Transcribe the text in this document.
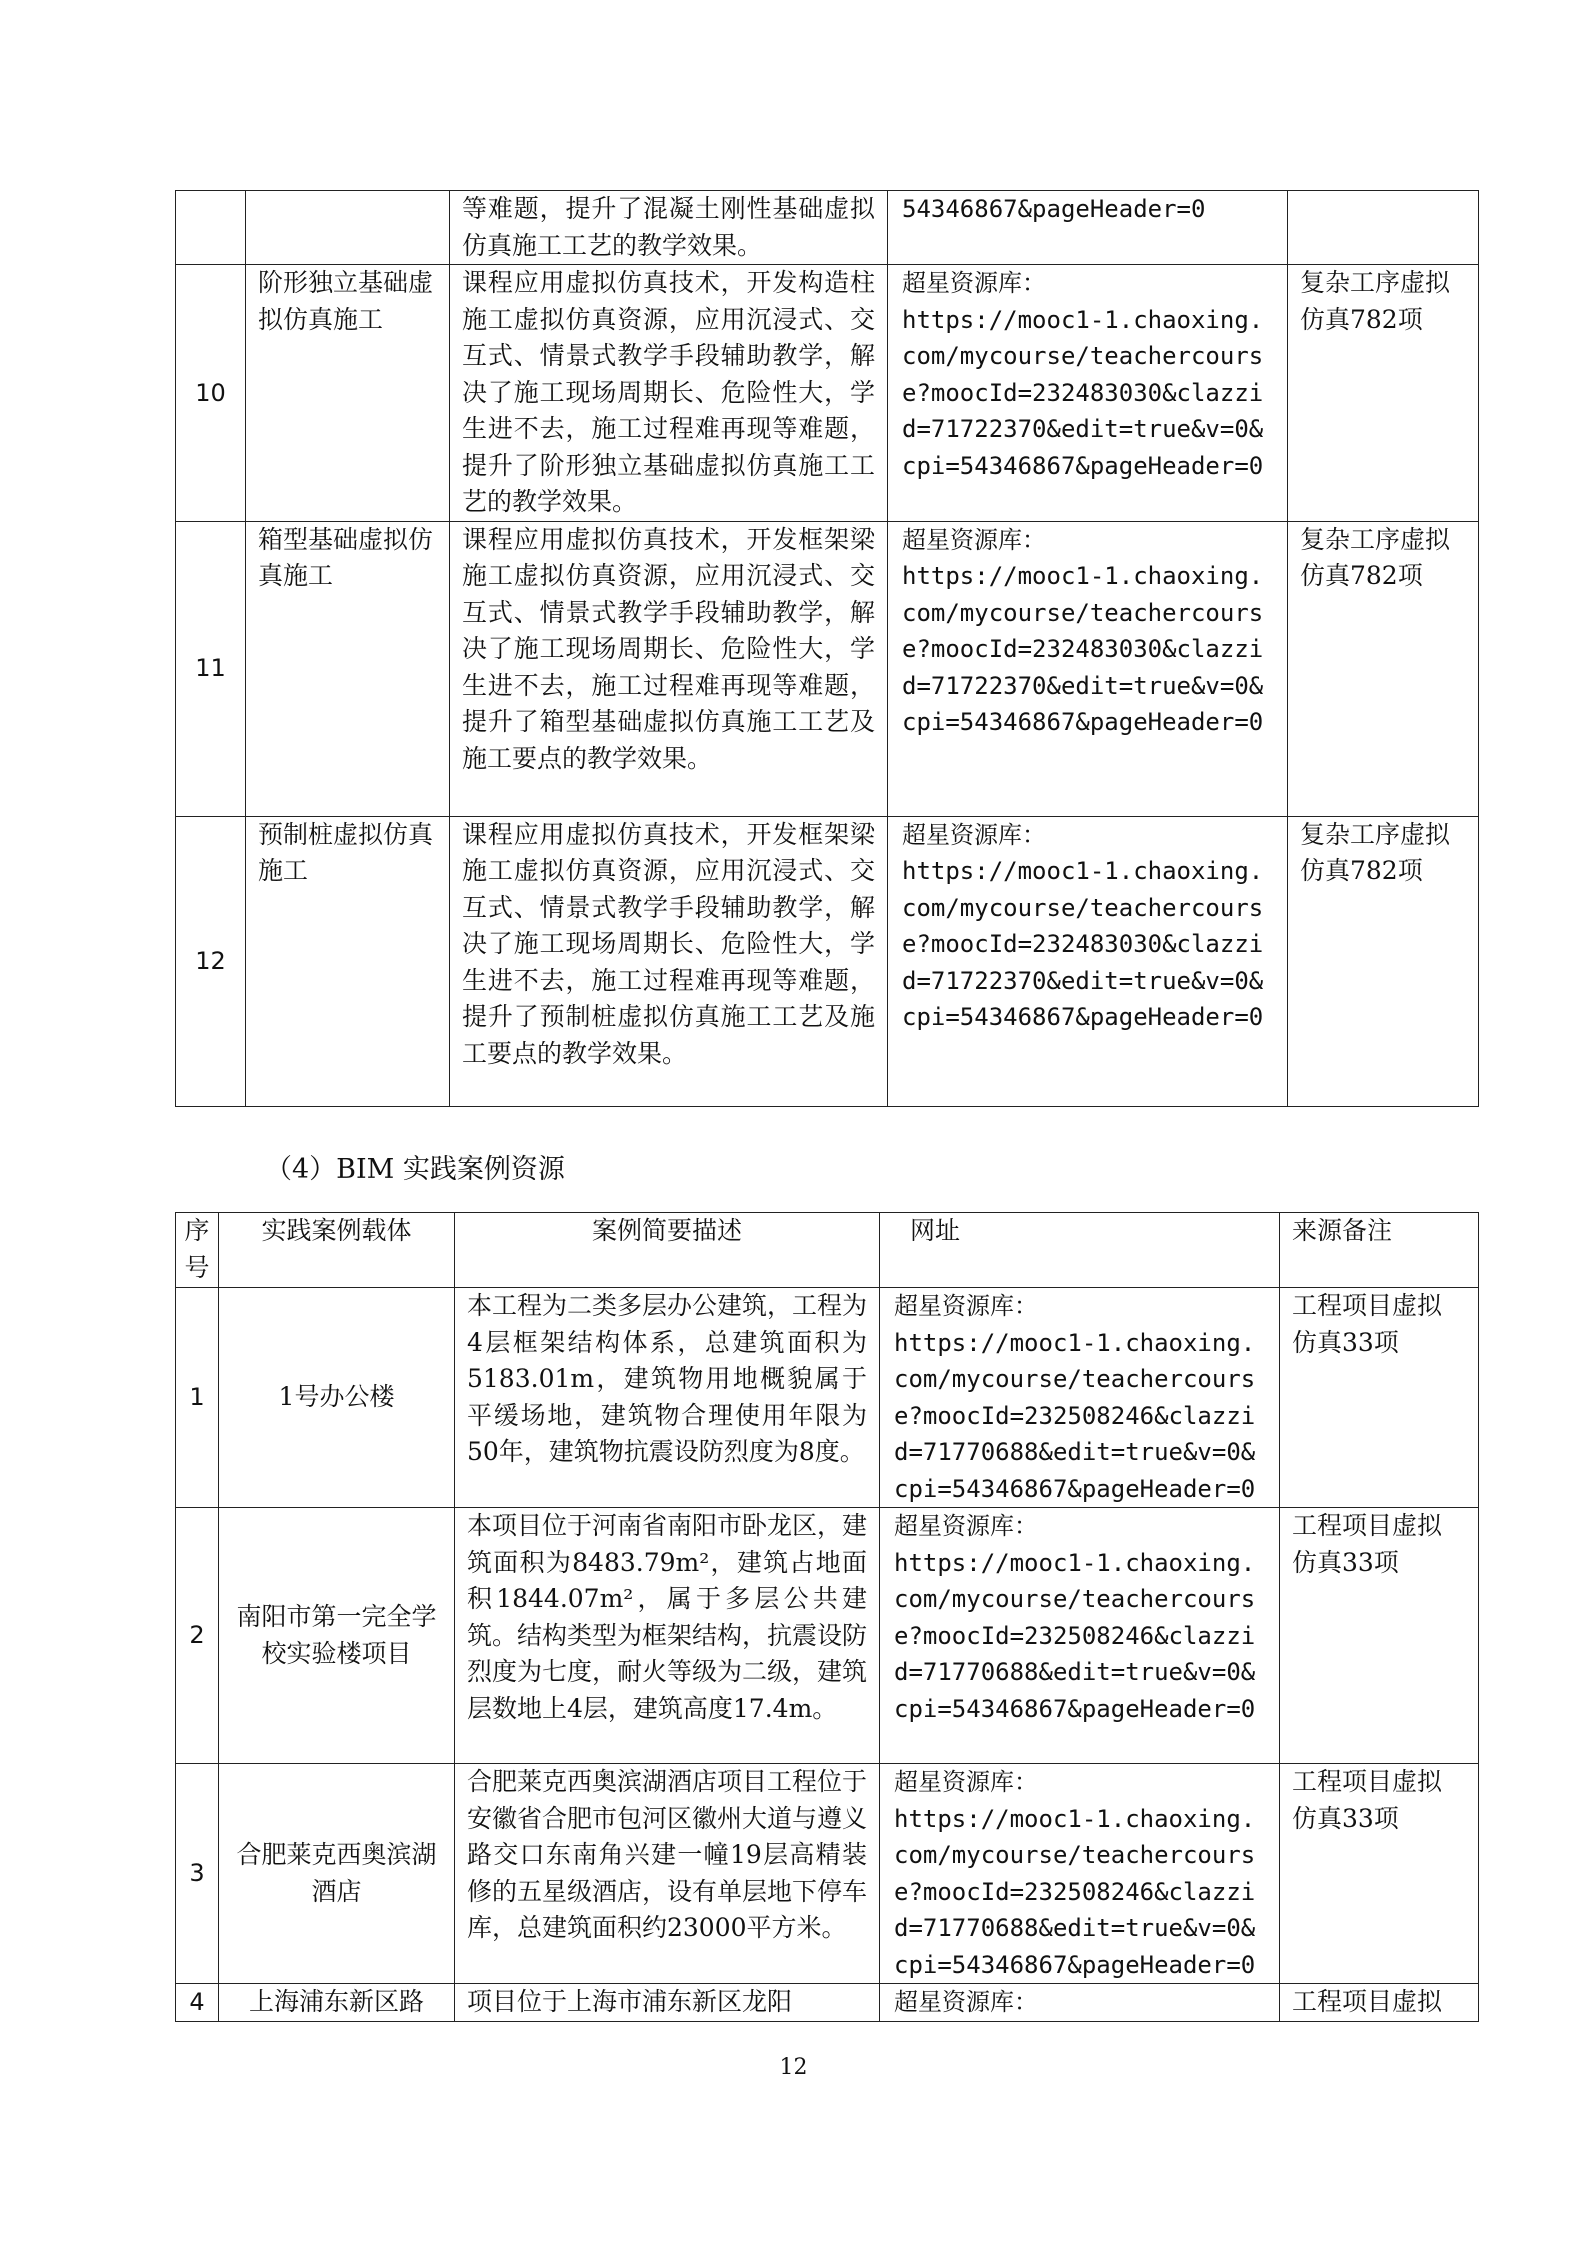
		等难题，提升了混凝土刚性基础虚拟仿真施工工艺的教学效果。	54346867&pageHeader=0	
10	阶形独立基础虚拟仿真施工	课程应用虚拟仿真技术，开发构造柱施工虚拟仿真资源，应用沉浸式、交互式、情景式教学手段辅助教学，解决了施工现场周期长、危险性大，学生进不去，施工过程难再现等难题，提升了阶形独立基础虚拟仿真施工工艺的教学效果。	超星资源库：
https://mooc1-1.chaoxing.com/mycourse/teachercourse?moocId=232483030&clazzid=71722370&edit=true&v=0&cpi=54346867&pageHeader=0	复杂工序虚拟仿真782项
11	箱型基础虚拟仿真施工	课程应用虚拟仿真技术，开发框架梁施工虚拟仿真资源，应用沉浸式、交互式、情景式教学手段辅助教学，解决了施工现场周期长、危险性大，学生进不去，施工过程难再现等难题，提升了箱型基础虚拟仿真施工工艺及施工要点的教学效果。	超星资源库：
https://mooc1-1.chaoxing.com/mycourse/teachercourse?moocId=232483030&clazzid=71722370&edit=true&v=0&cpi=54346867&pageHeader=0	复杂工序虚拟仿真782项
12	预制桩虚拟仿真施工	课程应用虚拟仿真技术，开发框架梁施工虚拟仿真资源，应用沉浸式、交互式、情景式教学手段辅助教学，解决了施工现场周期长、危险性大，学生进不去，施工过程难再现等难题，提升了预制桩虚拟仿真施工工艺及施工要点的教学效果。	超星资源库：
https://mooc1-1.chaoxing.com/mycourse/teachercourse?moocId=232483030&clazzid=71722370&edit=true&v=0&cpi=54346867&pageHeader=0	复杂工序虚拟仿真782项
（4）BIM 实践案例资源
序号	实践案例载体	案例简要描述	网址	来源备注
1	1号办公楼	本工程为二类多层办公建筑，工程为4层框架结构体系，总建筑面积为5183.01m，建筑物用地概貌属于平缓场地，建筑物合理使用年限为50年，建筑物抗震设防烈度为8度。	超星资源库：
https://mooc1-1.chaoxing.com/mycourse/teachercourse?moocId=232508246&clazzid=71770688&edit=true&v=0&cpi=54346867&pageHeader=0	工程项目虚拟仿真33项
2	南阳市第一完全学校实验楼项目	本项目位于河南省南阳市卧龙区，建筑面积为8483.79m²，建筑占地面积1844.07m²，属于多层公共建筑。结构类型为框架结构，抗震设防烈度为七度，耐火等级为二级，建筑层数地上4层，建筑高度17.4m。	超星资源库：
https://mooc1-1.chaoxing.com/mycourse/teachercourse?moocId=232508246&clazzid=71770688&edit=true&v=0&cpi=54346867&pageHeader=0	工程项目虚拟仿真33项
3	合肥莱克西奥滨湖酒店	合肥莱克西奥滨湖酒店项目工程位于安徽省合肥市包河区徽州大道与遵义路交口东南角兴建一幢19层高精装修的五星级酒店，设有单层地下停车库，总建筑面积约23000平方米。	超星资源库：
https://mooc1-1.chaoxing.com/mycourse/teachercourse?moocId=232508246&clazzid=71770688&edit=true&v=0&cpi=54346867&pageHeader=0	工程项目虚拟仿真33项
4	上海浦东新区路	项目位于上海市浦东新区龙阳	超星资源库：	工程项目虚拟
12
